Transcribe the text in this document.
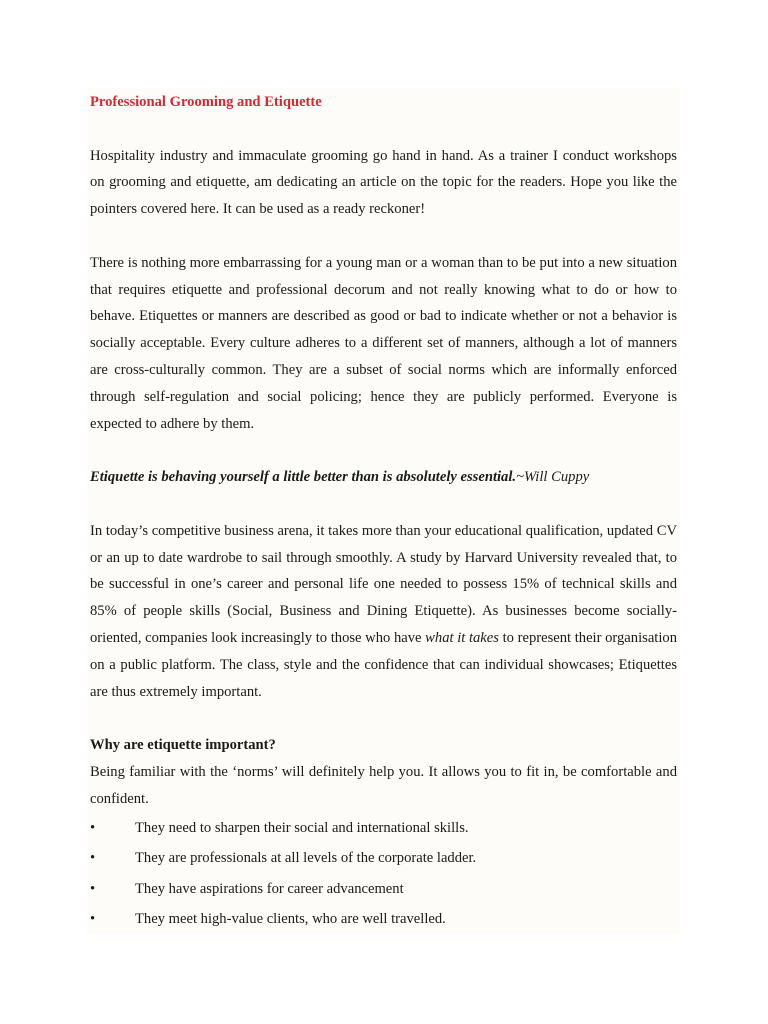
Professional Grooming and Etiquette

Hospitality industry and immaculate grooming go hand in hand. As a trainer I conduct workshops on grooming and etiquette, am dedicating an article on the topic for the readers. Hope you like the pointers covered here. It can be used as a ready reckoner!

There is nothing more embarrassing for a young man or a woman than to be put into a new situation that requires etiquette and professional decorum and not really knowing what to do or how to behave. Etiquettes or manners are described as good or bad to indicate whether or not a behavior is socially acceptable. Every culture adheres to a different set of manners, although a lot of manners are cross-culturally common. They are a subset of social norms which are informally enforced through self-regulation and social policing; hence they are publicly performed. Everyone is expected to adhere by them.

Etiquette is behaving yourself a little better than is absolutely essential.~Will Cuppy

In today’s competitive business arena, it takes more than your educational qualification, updated CV or an up to date wardrobe to sail through smoothly. A study by Harvard University revealed that, to be successful in one’s career and personal life one needed to possess 15% of technical skills and 85% of people skills (Social, Business and Dining Etiquette). As businesses become socially-oriented, companies look increasingly to those who have what it takes to represent their organisation on a public platform. The class, style and the confidence that can individual showcases; Etiquettes are thus extremely important.

Why are etiquette important?

Being familiar with the ‘norms’ will definitely help you. It allows you to fit in, be comfortable and confident.

•	They need to sharpen their social and international skills.
•	They are professionals at all levels of the corporate ladder.
•	They have aspirations for career advancement
•	They meet high-value clients, who are well travelled.
